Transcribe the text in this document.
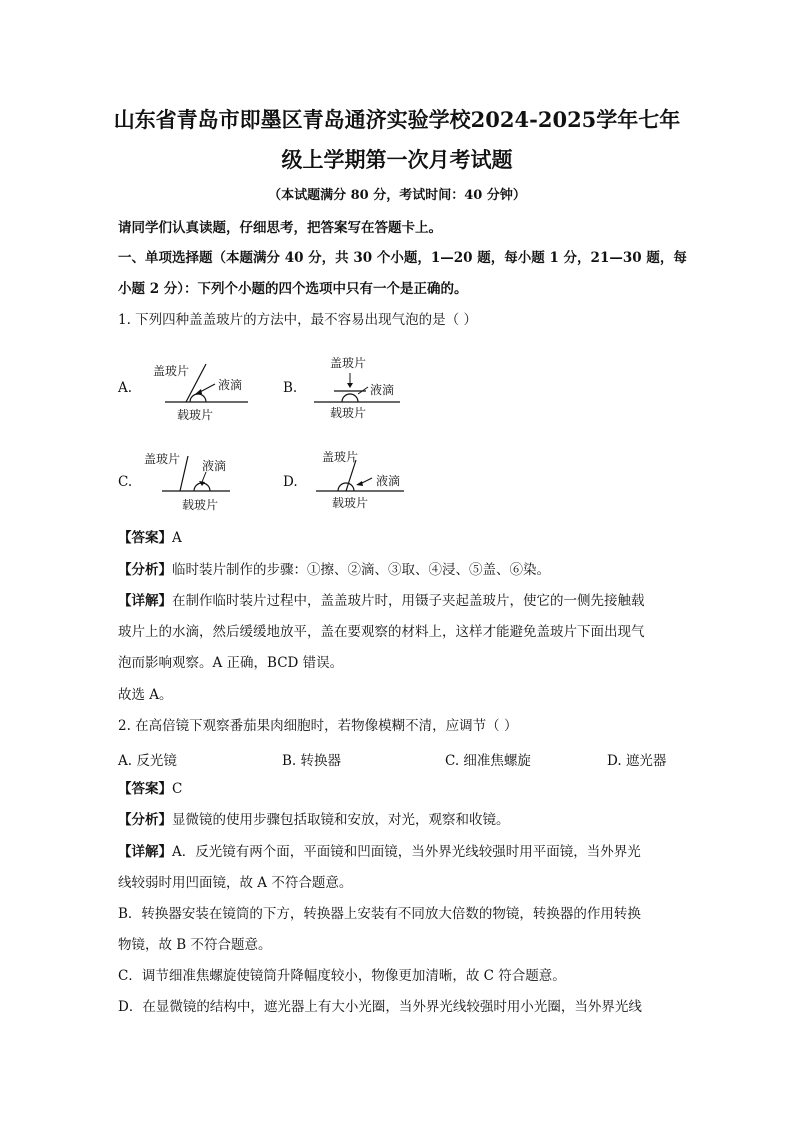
山东省青岛市即墨区青岛通济实验学校2024-2025学年七年
级上学期第一次月考试题
（本试题满分 80 分，考试时间：40 分钟）
请同学们认真读题，仔细思考，把答案写在答题卡上。
一、单项选择题（本题满分 40 分，共 30 个小题，1—20 题，每小题 1 分，21—30 题，每
小题 2 分）：下列个小题的四个选项中只有一个是正确的。
1. 下列四种盖盖玻片的方法中，最不容易出现气泡的是（ ）
A.
盖玻片
液滴
载玻片
B.
盖玻片
液滴
载玻片
C.
盖玻片 液滴
载玻片
D.
盖玻片
液滴
载玻片
【答案】A
【分析】临时装片制作的步骤：①擦、②滴、③取、④浸、⑤盖、⑥染。
【详解】在制作临时装片过程中，盖盖玻片时，用镊子夹起盖玻片，使它的一侧先接触载
玻片上的水滴，然后缓缓地放平，盖在要观察的材料上，这样才能避免盖玻片下面出现气
泡而影响观察。A 正确，BCD 错误。
故选 A。
2. 在高倍镜下观察番茄果肉细胞时，若物像模糊不清，应调节（ ）
A. 反光镜	B. 转换器	C. 细准焦螺旋	D. 遮光器
【答案】C
【分析】显微镜的使用步骤包括取镜和安放，对光，观察和收镜。
【详解】A．反光镜有两个面，平面镜和凹面镜，当外界光线较强时用平面镜，当外界光
线较弱时用凹面镜，故 A 不符合题意。
B．转换器安装在镜筒的下方，转换器上安装有不同放大倍数的物镜，转换器的作用转换
物镜，故 B 不符合题意。
C．调节细准焦螺旋使镜筒升降幅度较小，物像更加清晰，故 C 符合题意。
D．在显微镜的结构中，遮光器上有大小光圈，当外界光线较强时用小光圈，当外界光线
